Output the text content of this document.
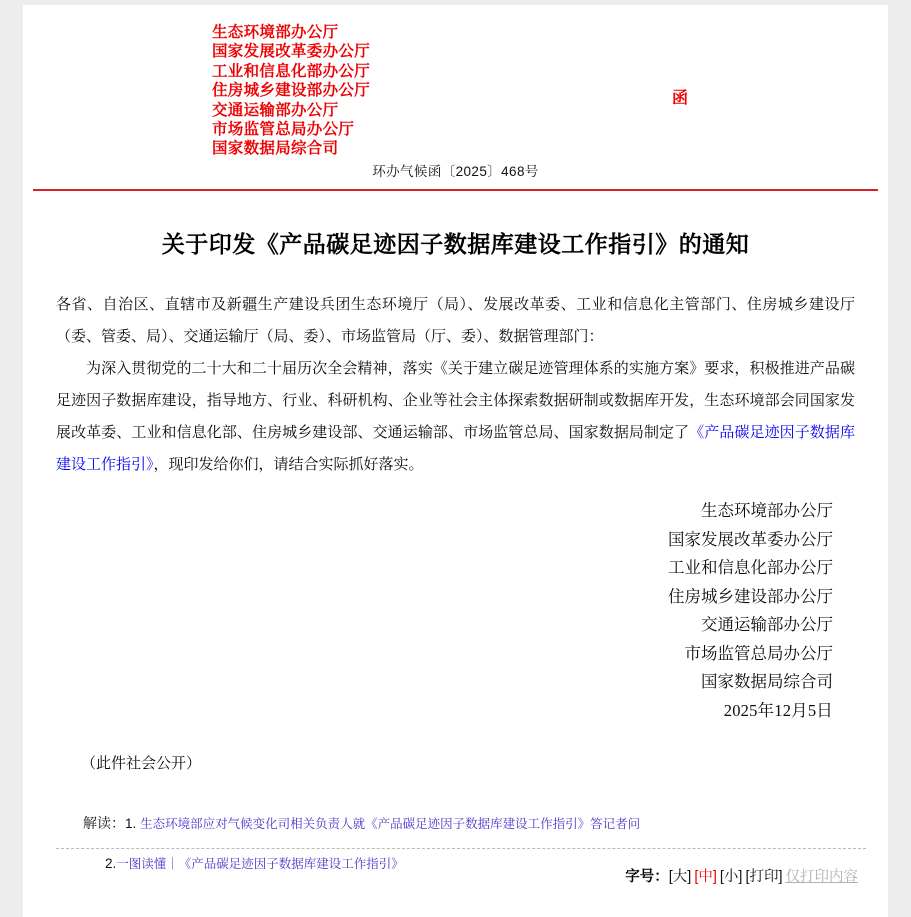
生态环境部办公厅
国家发展改革委办公厅
工业和信息化部办公厅
住房城乡建设部办公厅
交通运输部办公厅
市场监管总局办公厅
国家数据局综合司
函
环办气候函〔2025〕468号
关于印发《产品碳足迹因子数据库建设工作指引》的通知

各省、自治区、直辖市及新疆生产建设兵团生态环境厅（局）、发展改革委、工业和信息化主管部门、住房城乡建设厅（委、管委、局）、交通运输厅（局、委）、市场监管局（厅、委）、数据管理部门：

为深入贯彻党的二十大和二十届历次全会精神，落实《关于建立碳足迹管理体系的实施方案》要求，积极推进产品碳足迹因子数据库建设，指导地方、行业、科研机构、企业等社会主体探索数据研制或数据库开发，生态环境部会同国家发展改革委、工业和信息化部、住房城乡建设部、交通运输部、市场监管总局、国家数据局制定了《产品碳足迹因子数据库建设工作指引》，现印发给你们，请结合实际抓好落实。

生态环境部办公厅
国家发展改革委办公厅
工业和信息化部办公厅
住房城乡建设部办公厅
交通运输部办公厅
市场监管总局办公厅
国家数据局综合司
2025年12月5日
（此件社会公开）
解读：1. 生态环境部应对气候变化司相关负责人就《产品碳足迹因子数据库建设工作指引》答记者问
2.一图读懂｜《产品碳足迹因子数据库建设工作指引》
字号：[大] [中] [小] [打印] 仅打印内容
